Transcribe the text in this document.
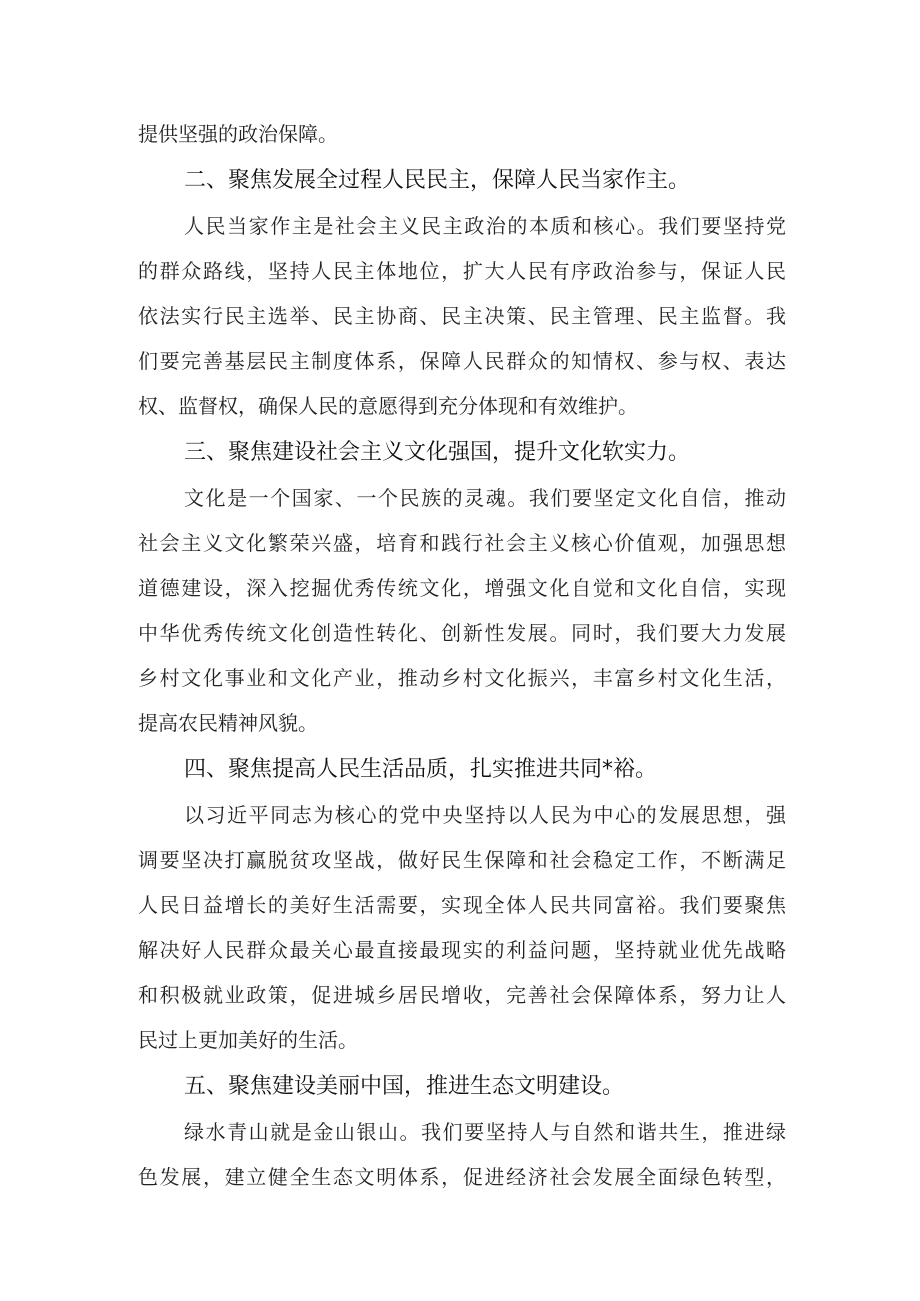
提供坚强的政治保障。
二、聚焦发展全过程人民民主，保障人民当家作主。
人民当家作主是社会主义民主政治的本质和核心。我们要坚持党
的群众路线，坚持人民主体地位，扩大人民有序政治参与，保证人民
依法实行民主选举、民主协商、民主决策、民主管理、民主监督。我
们要完善基层民主制度体系，保障人民群众的知情权、参与权、表达
权、监督权，确保人民的意愿得到充分体现和有效维护。
三、聚焦建设社会主义文化强国，提升文化软实力。
文化是一个国家、一个民族的灵魂。我们要坚定文化自信，推动
社会主义文化繁荣兴盛，培育和践行社会主义核心价值观，加强思想
道德建设，深入挖掘优秀传统文化，增强文化自觉和文化自信，实现
中华优秀传统文化创造性转化、创新性发展。同时，我们要大力发展
乡村文化事业和文化产业，推动乡村文化振兴，丰富乡村文化生活，
提高农民精神风貌。
四、聚焦提高人民生活品质，扎实推进共同*裕。
以习近平同志为核心的党中央坚持以人民为中心的发展思想，强
调要坚决打赢脱贫攻坚战，做好民生保障和社会稳定工作，不断满足
人民日益增长的美好生活需要，实现全体人民共同富裕。我们要聚焦
解决好人民群众最关心最直接最现实的利益问题，坚持就业优先战略
和积极就业政策，促进城乡居民增收，完善社会保障体系，努力让人
民过上更加美好的生活。
五、聚焦建设美丽中国，推进生态文明建设。
绿水青山就是金山银山。我们要坚持人与自然和谐共生，推进绿
色发展，建立健全生态文明体系，促进经济社会发展全面绿色转型，
